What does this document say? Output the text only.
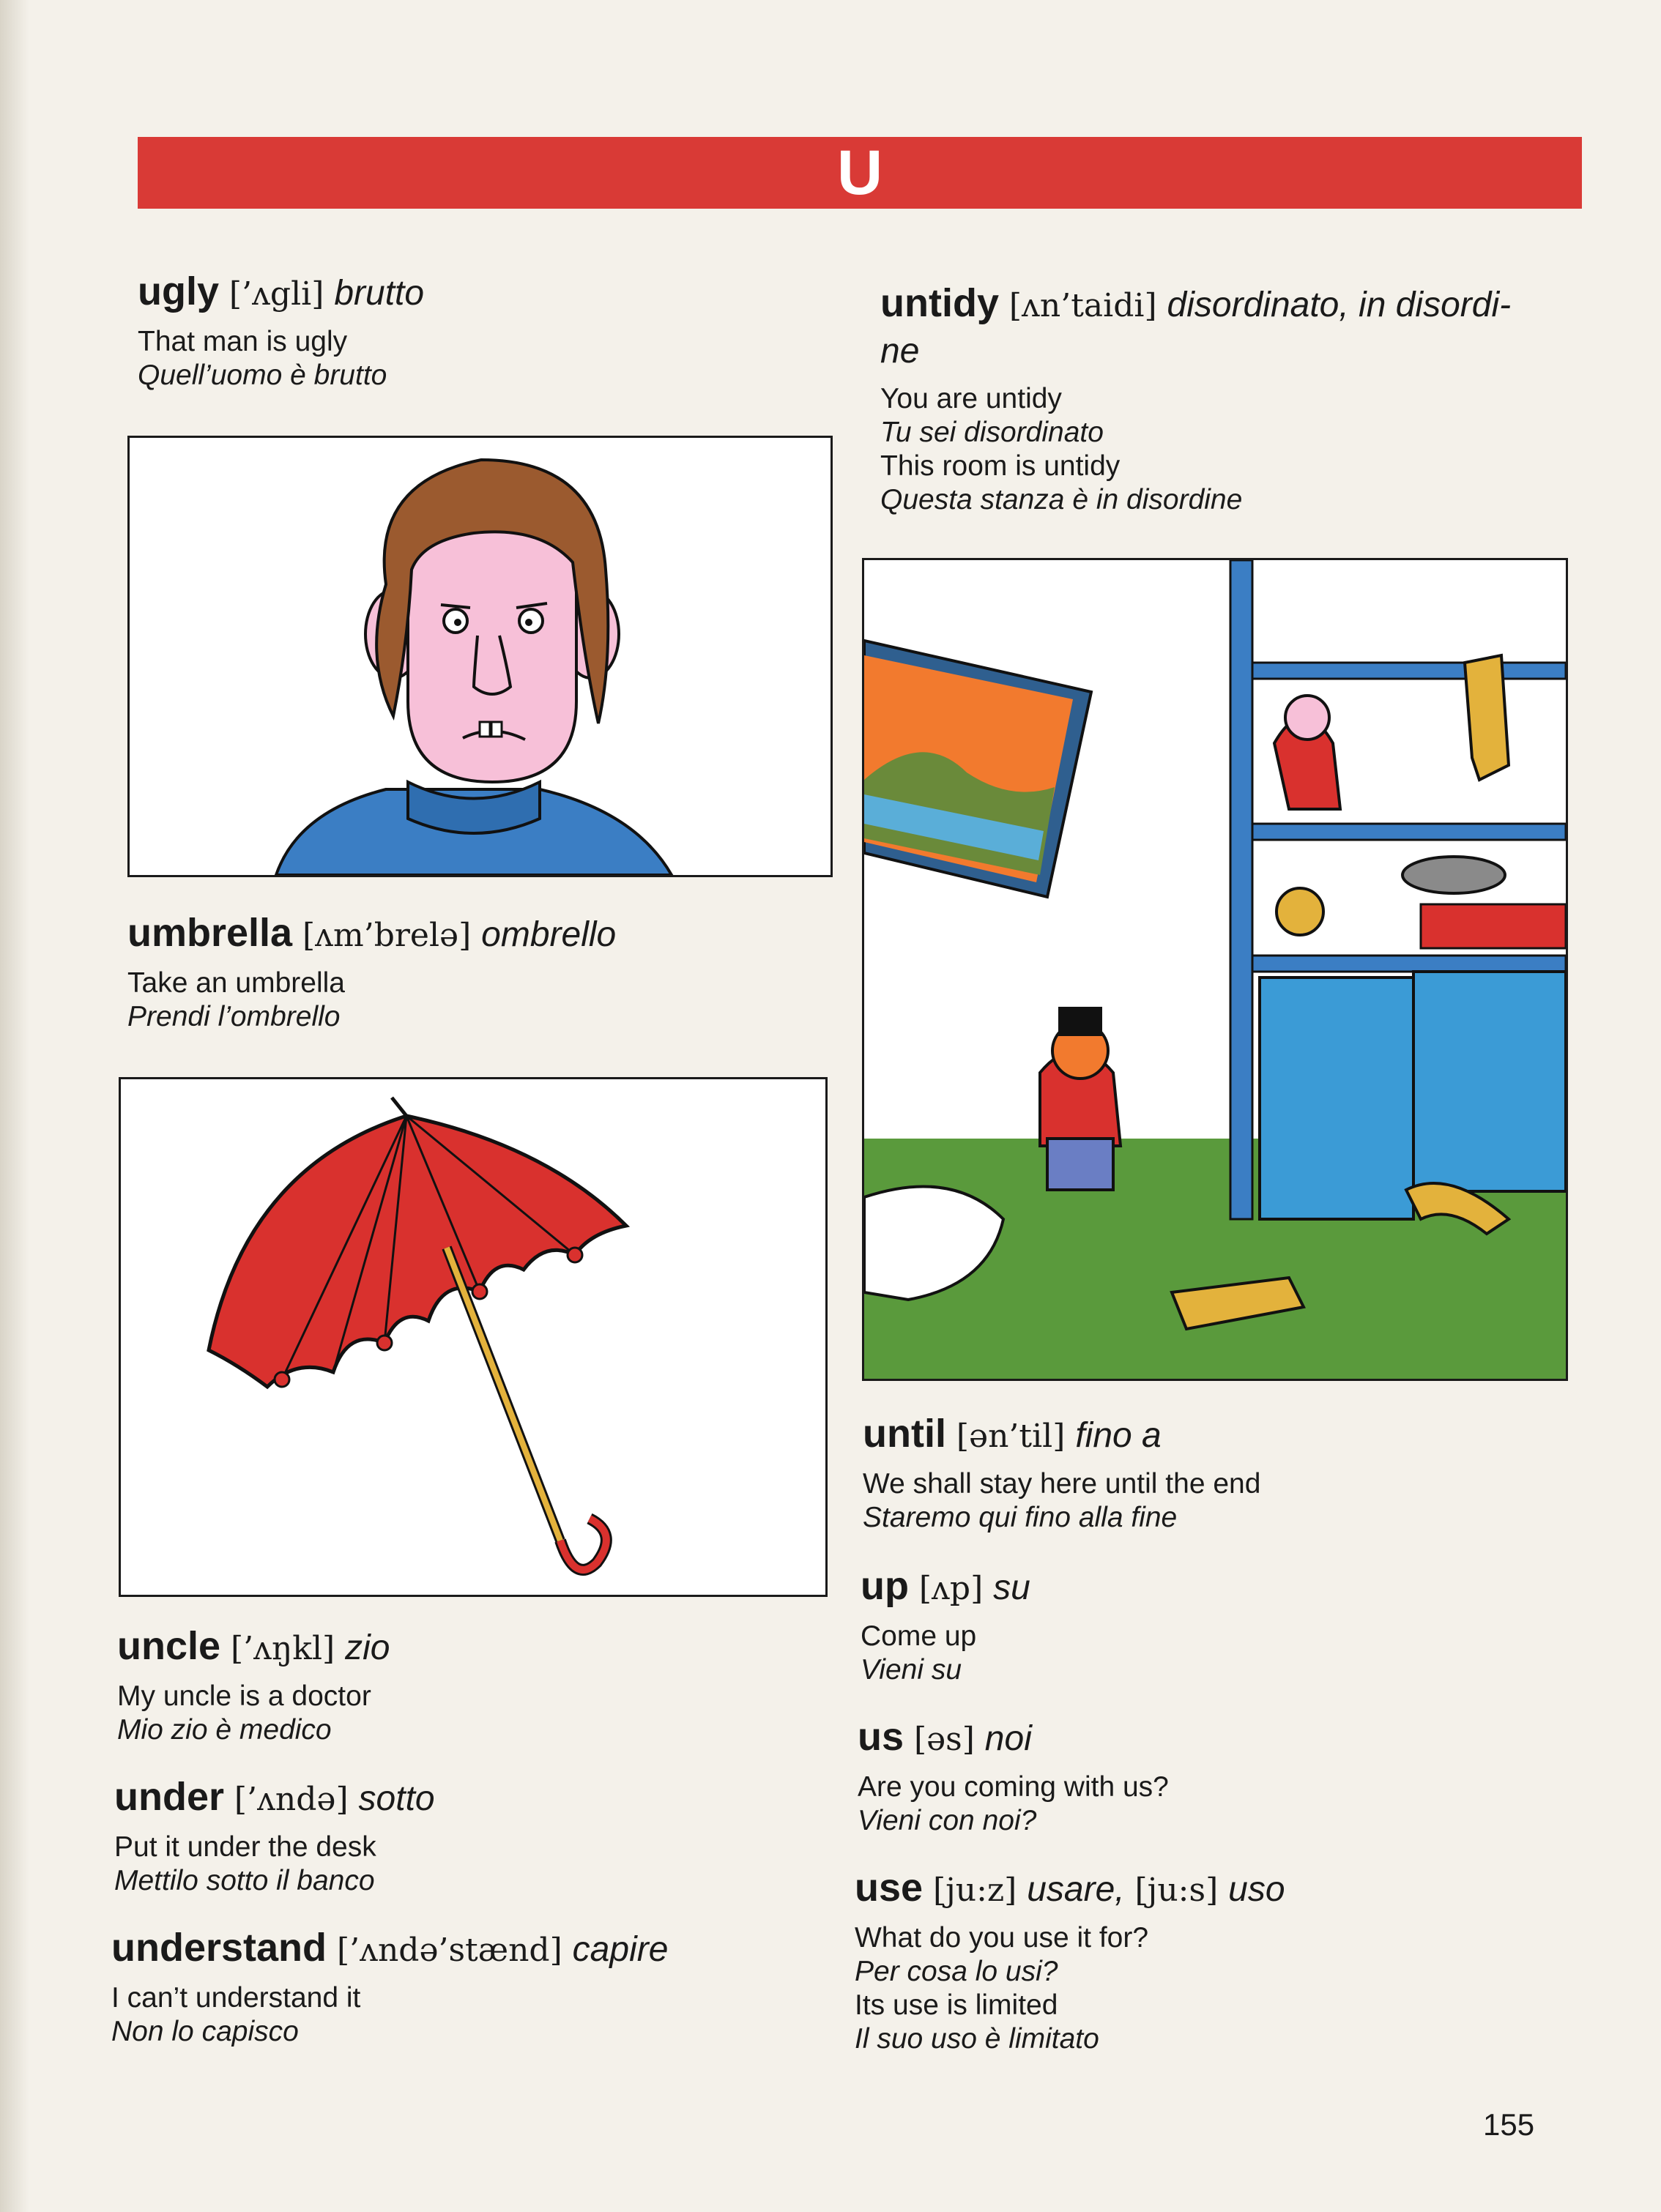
U
ugly [’ʌgli] brutto
That man is ugly
Quell’uomo è brutto
umbrella [ʌm’brelə] ombrello
Take an umbrella
Prendi l’ombrello
uncle [’ʌŋkl] zio
My uncle is a doctor
Mio zio è medico
under [’ʌndə] sotto
Put it under the desk
Mettilo sotto il banco
understand [’ʌndə’stænd] capire
I can’t understand it
Non lo capisco
untidy [ʌn’taidi] disordinato, in disordi-
ne
You are untidy
Tu sei disordinato
This room is untidy
Questa stanza è in disordine
until [ən’til] fino a
We shall stay here until the end
Staremo qui fino alla fine
up [ʌp] su
Come up
Vieni su
us [əs] noi
Are you coming with us?
Vieni con noi?
use [ju:z] usare, [ju:s] uso
What do you use it for?
Per cosa lo usi?
Its use is limited
Il suo uso è limitato
155
